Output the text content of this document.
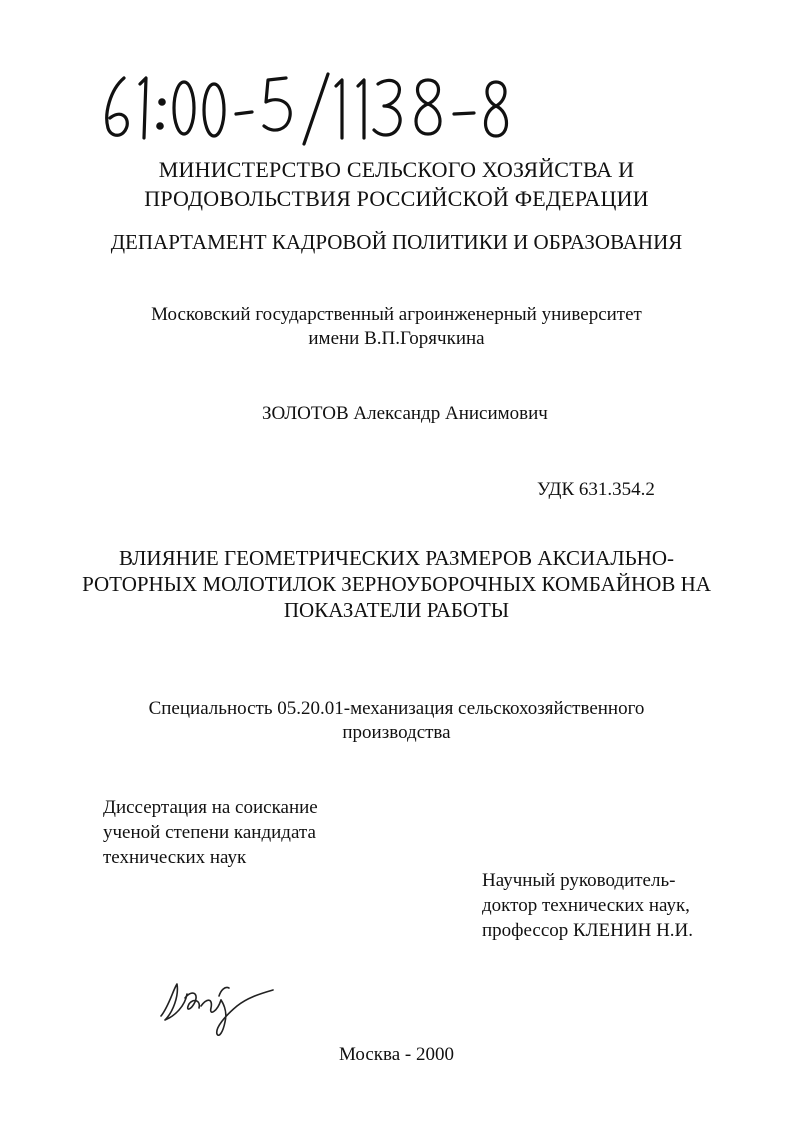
МИНИСТЕРСТВО СЕЛЬСКОГО ХОЗЯЙСТВА И
ПРОДОВОЛЬСТВИЯ РОССИЙСКОЙ ФЕДЕРАЦИИ
ДЕПАРТАМЕНТ КАДРОВОЙ ПОЛИТИКИ И ОБРАЗОВАНИЯ
Московский государственный агроинженерный университет
имени В.П.Горячкина
ЗОЛОТОВ Александр Анисимович
УДК 631.354.2
ВЛИЯНИЕ ГЕОМЕТРИЧЕСКИХ РАЗМЕРОВ АКСИАЛЬНО-
РОТОРНЫХ МОЛОТИЛОК ЗЕРНОУБОРОЧНЫХ КОМБАЙНОВ НА
ПОКАЗАТЕЛИ РАБОТЫ
Специальность 05.20.01-механизация сельскохозяйственного
производства
Диссертация на соискание
ученой степени кандидата
технических наук
Научный руководитель-
доктор технических наук,
профессор КЛЕНИН Н.И.
Москва - 2000
